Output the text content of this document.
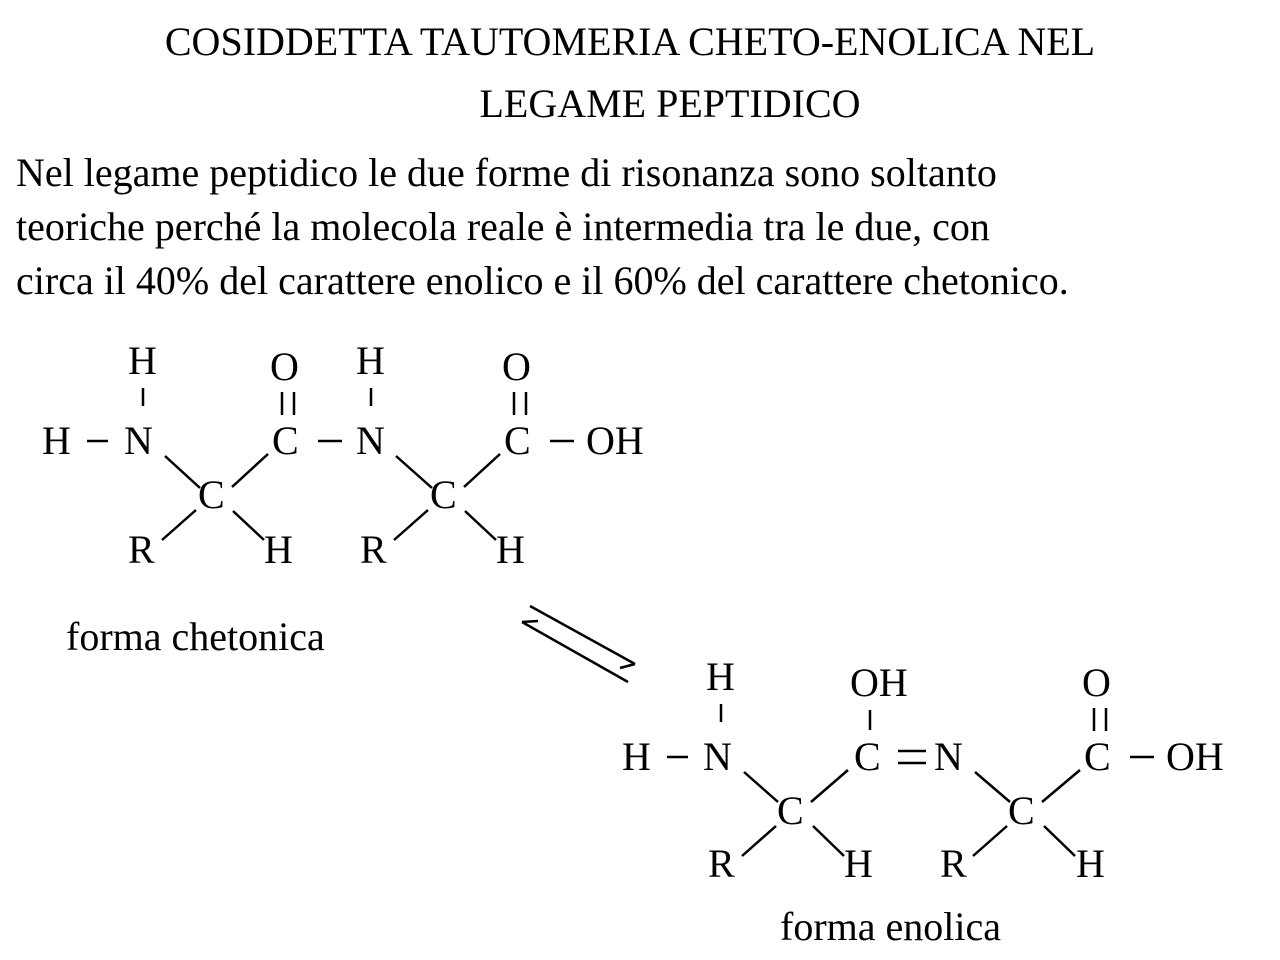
COSIDDETTA TAUTOMERIA CHETO-ENOLICA NEL
LEGAME PEPTIDICO
Nel legame peptidico le due forme di risonanza sono soltanto
teoriche perché la molecola reale è intermedia tra le due, con
circa il 40% del carattere enolico e il 60% del carattere chetonico.
H
H N
C
R	H
O
C
H
N
C
R	H
O
C OH
H
H N
C
R	H
OH
C N
C
R	H
O
C OH
forma chetonica
forma enolica
